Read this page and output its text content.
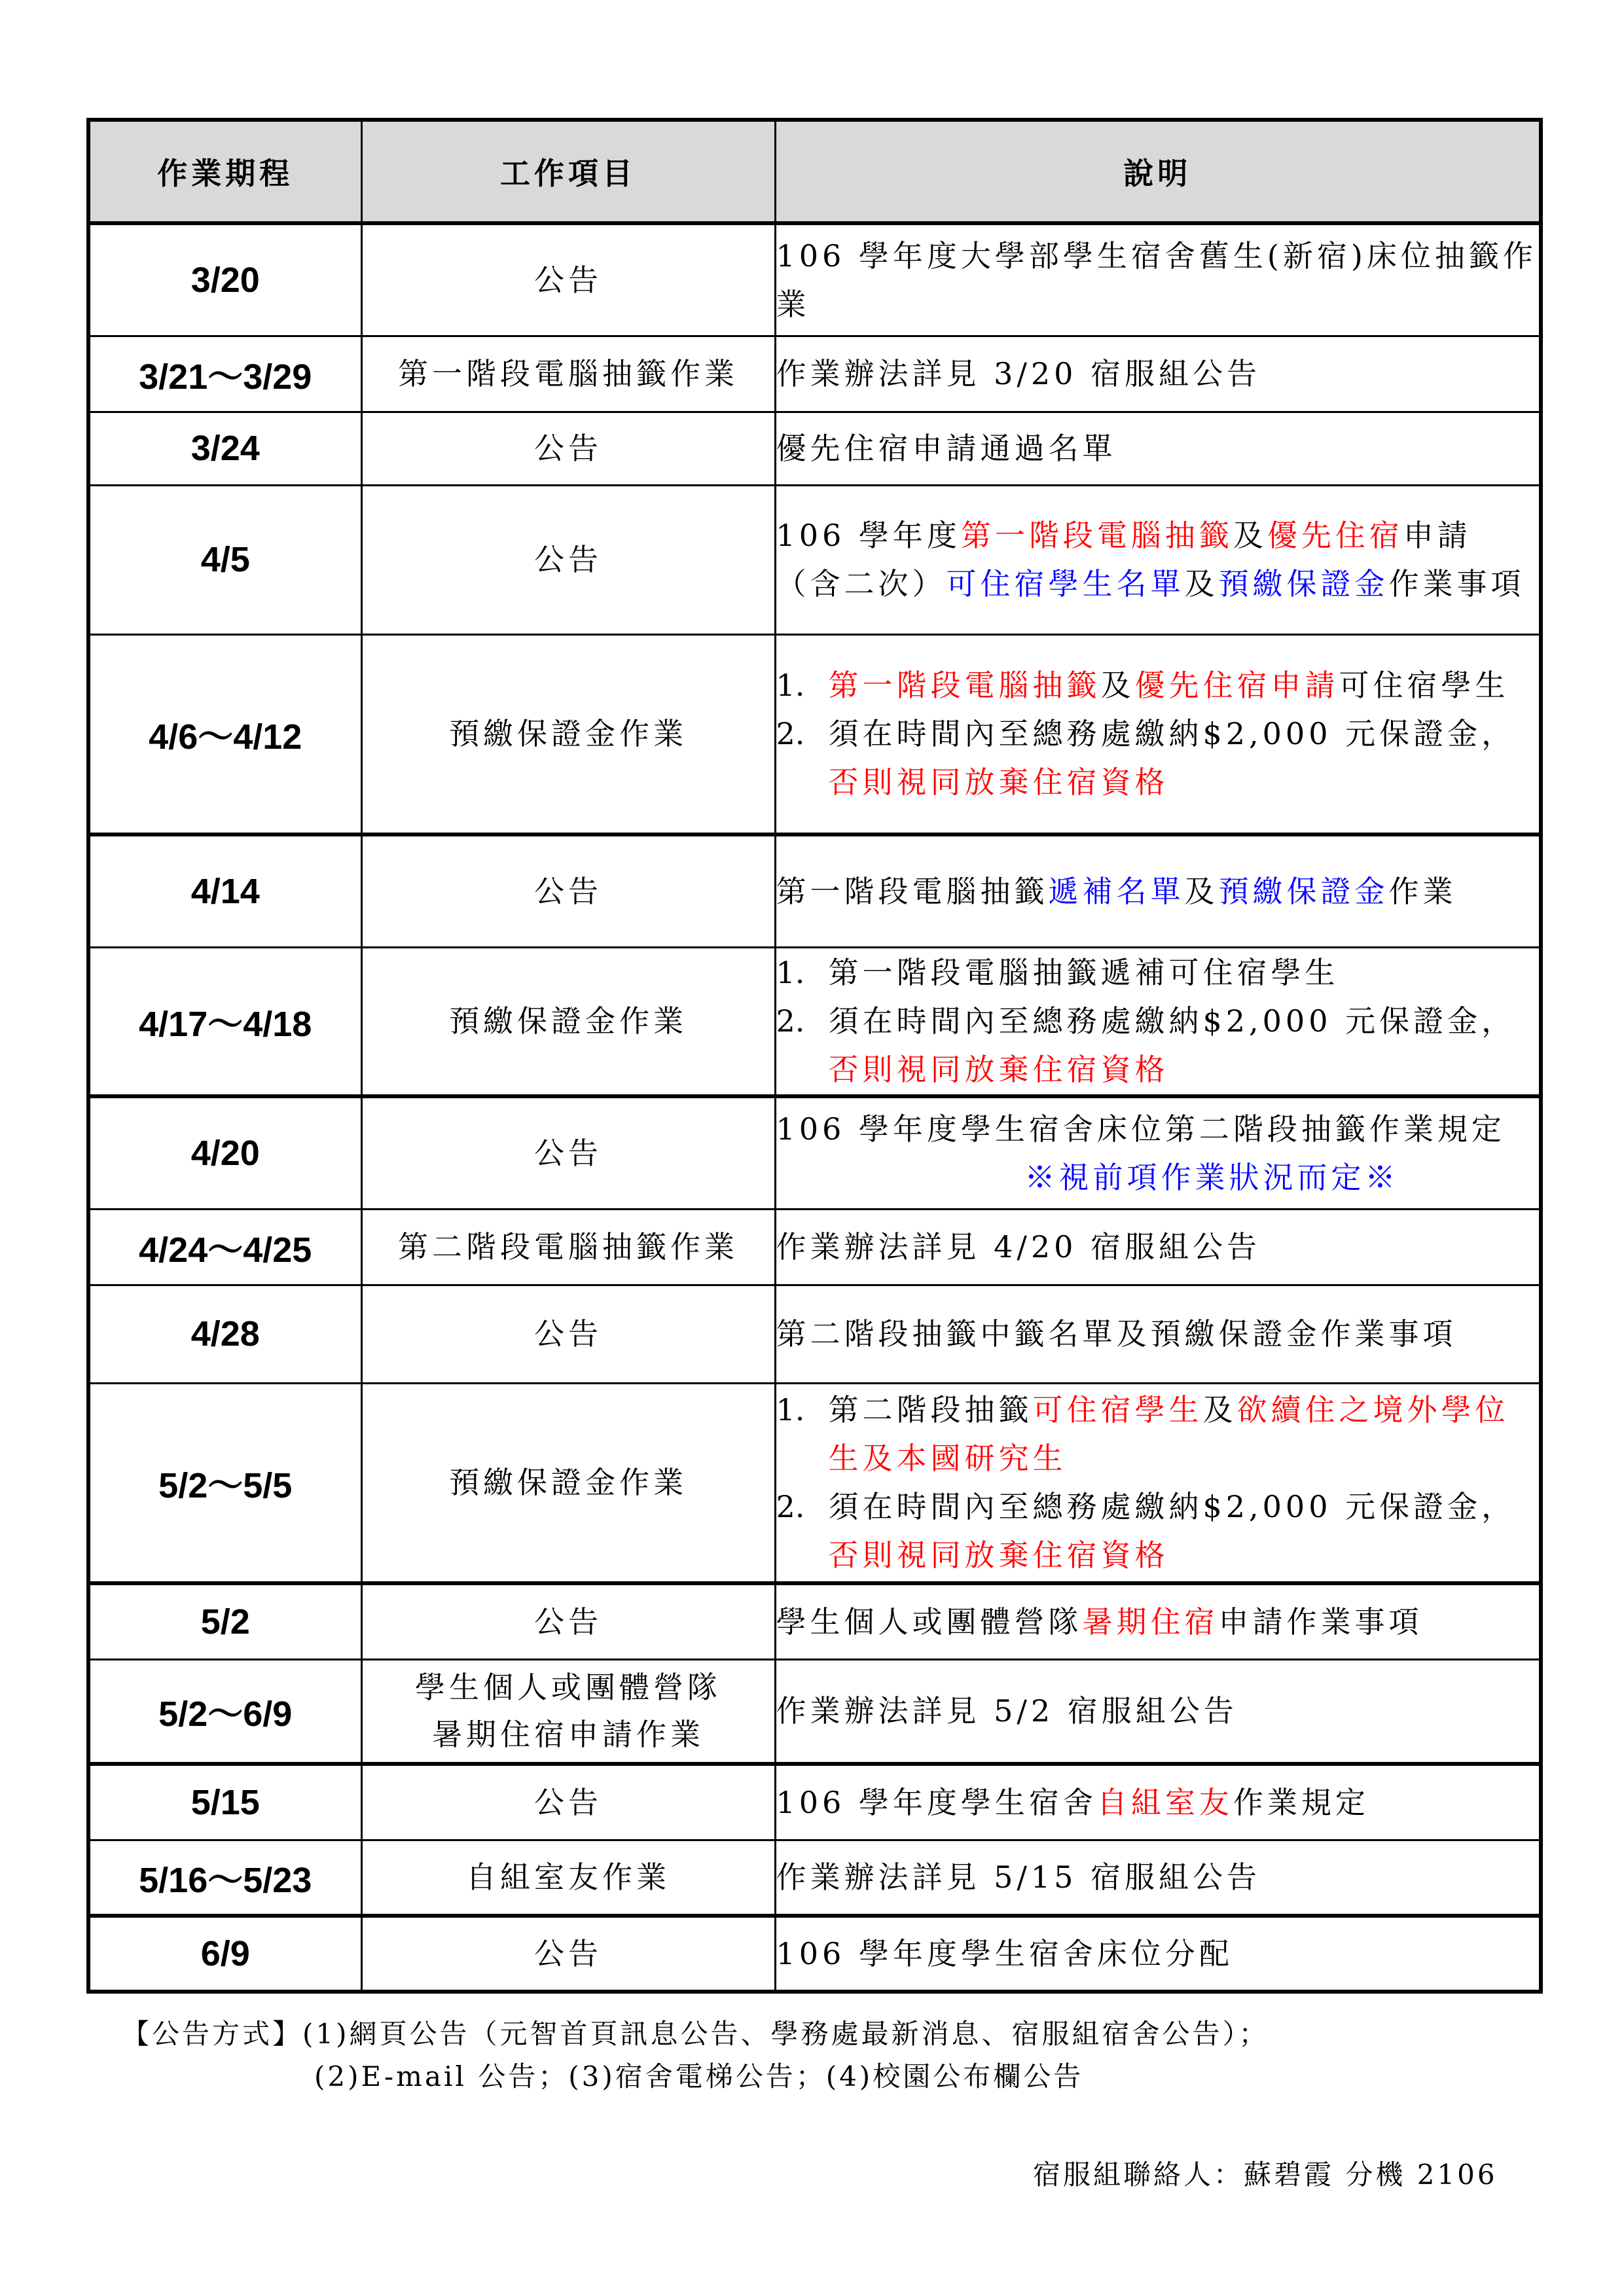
作業期程	工作項目	說明
3/20	公告	106 學年度大學部學生宿舍舊生(新宿)床位抽籤作業
3/21～3/29	第一階段電腦抽籤作業	作業辦法詳見 3/20 宿服組公告
3/24	公告	優先住宿申請通過名單
4/5	公告	106 學年度第一階段電腦抽籤及優先住宿申請（含二次）可住宿學生名單及預繳保證金作業事項
4/6～4/12	預繳保證金作業	1. 第一階段電腦抽籤及優先住宿申請可住宿學生
2. 須在時間內至總務處繳納$2,000 元保證金，否則視同放棄住宿資格

4/14	公告	第一階段電腦抽籤遞補名單及預繳保證金作業
4/17～4/18	預繳保證金作業	1. 第一階段電腦抽籤遞補可住宿學生
2. 須在時間內至總務處繳納$2,000 元保證金，否則視同放棄住宿資格

4/20	公告	106 學年度學生宿舍床位第二階段抽籤作業規定※視前項作業狀況而定※
4/24～4/25	第二階段電腦抽籤作業	作業辦法詳見 4/20 宿服組公告
4/28	公告	第二階段抽籤中籤名單及預繳保證金作業事項
5/2～5/5	預繳保證金作業	1. 第二階段抽籤可住宿學生及欲續住之境外學位生及本國研究生
2. 須在時間內至總務處繳納$2,000 元保證金，否則視同放棄住宿資格

5/2	公告	學生個人或團體營隊暑期住宿申請作業事項
5/2～6/9	學生個人或團體營隊
暑期住宿申請作業	作業辦法詳見 5/2 宿服組公告
5/15	公告	106 學年度學生宿舍自組室友作業規定
5/16～5/23	自組室友作業	作業辦法詳見 5/15 宿服組公告
6/9	公告	106 學年度學生宿舍床位分配
【公告方式】(1)網頁公告（元智首頁訊息公告、學務處最新消息、宿服組宿舍公告）；
(2)E-mail 公告；(3)宿舍電梯公告；(4)校園公布欄公告
宿服組聯絡人：蘇碧霞 分機 2106
